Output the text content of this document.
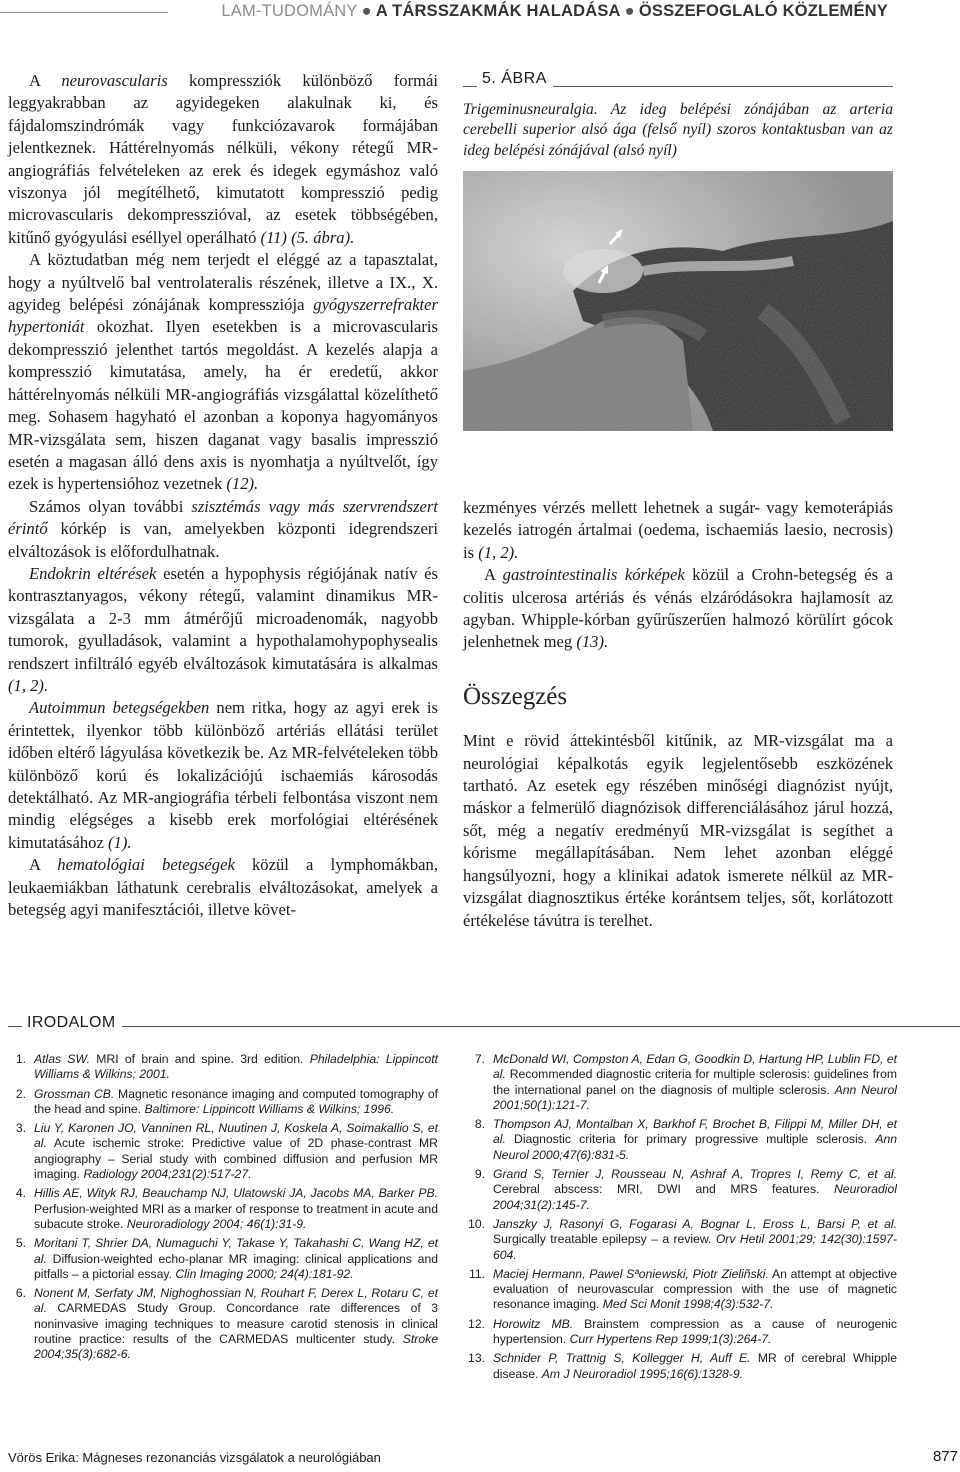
LAM-TUDOMÁNY ● A TÁRSSZAKMÁK HALADÁSA ● ÖSSZEFOGLALÓ KÖZLEMÉNY

A neurovascularis kompressziók különböző formái leggyakrabban az agyidegeken alakulnak ki, és fájdalomszindrómák vagy funkciózavarok formájában jelentkeznek. Háttérelnyomás nélküli, vékony rétegű MR-angiográfiás felvételeken az erek és idegek egymáshoz való viszonya jól megítélhető, kimutatott kompresszió pedig microvascularis dekompresszióval, az esetek többségében, kitűnő gyógyulási eséllyel operálható (11) (5. ábra).

A köztudatban még nem terjedt el eléggé az a tapasztalat, hogy a nyúltvelő bal ventrolateralis részének, illetve a IX., X. agyideg belépési zónájának kompressziója gyógyszerrefrakter hypertoniát okozhat. Ilyen esetekben is a microvascularis dekompresszió jelenthet tartós megoldást. A kezelés alapja a kompresszió kimutatása, amely, ha ér eredetű, akkor háttérelnyomás nélküli MR-angiográfiás vizsgálattal közelíthető meg. Sohasem hagyható el azonban a koponya hagyományos MR-vizsgálata sem, hiszen daganat vagy basalis impresszió esetén a magasan álló dens axis is nyomhatja a nyúltvelőt, így ezek is hypertensióhoz vezetnek (12).

Számos olyan további szisztémás vagy más szervrendszert érintő kórkép is van, amelyekben központi idegrendszeri elváltozások is előfordulhatnak.

Endokrin eltérések esetén a hypophysis régiójának natív és kontrasztanyagos, vékony rétegű, valamint dinamikus MR-vizsgálata a 2-3 mm átmérőjű microadenomák, nagyobb tumorok, gyulladások, valamint a hypothalamohypophysealis rendszert infiltráló egyéb elváltozások kimutatására is alkalmas (1, 2).

Autoimmun betegségekben nem ritka, hogy az agyi erek is érintettek, ilyenkor több különböző artériás ellátási terület időben eltérő lágyulása következik be. Az MR-felvételeken több különböző korú és lokalizációjú ischaemiás károsodás detektálható. Az MR-angiográfia térbeli felbontása viszont nem mindig elégséges a kisebb erek morfológiai eltérésének kimutatásához (1).

A hematológiai betegségek közül a lymphomákban, leukaemiákban láthatunk cerebralis elváltozásokat, amelyek a betegség agyi manifesztációi, illetve követ-

5. ÁBRA
Trigeminusneuralgia. Az ideg belépési zónájában az arteria cerebelli superior alsó ága (felső nyíl) szoros kontaktusban van az ideg belépési zónájával (alsó nyíl)

kezményes vérzés mellett lehetnek a sugár- vagy kemoterápiás kezelés iatrogén ártalmai (oedema, ischaemiás laesio, necrosis) is (1, 2).

A gastrointestinalis kórképek közül a Crohn-betegség és a colitis ulcerosa artériás és vénás elzáródásokra hajlamosít az agyban. Whipple-kórban gyűrűszerűen halmozó körülírt gócok jelenhetnek meg (13).

Összegzés

Mint e rövid áttekintésből kitűnik, az MR-vizsgálat ma a neurológiai képalkotás egyik legjelentősebb eszközének tartható. Az esetek egy részében minőségi diagnózist nyújt, máskor a felmerülő diagnózisok differenciálásához járul hozzá, sőt, még a negatív eredményű MR-vizsgálat is segíthet a kórisme megállapításában. Nem lehet azonban eléggé hangsúlyozni, hogy a klinikai adatok ismerete nélkül az MR-vizsgálat diagnosztikus értéke korántsem teljes, sőt, korlátozott értékelése távútra is terelhet.

IRODALOM
1. Atlas SW. MRI of brain and spine. 3rd edition. Philadelphia: Lippincott Williams & Wilkins; 2001.
2. Grossman CB. Magnetic resonance imaging and computed tomography of the head and spine. Baltimore: Lippincott Williams & Wilkins; 1996.
3. Liu Y, Karonen JO, Vanninen RL, Nuutinen J, Koskela A, Soimakallio S, et al. Acute ischemic stroke: Predictive value of 2D phase-contrast MR angiography – Serial study with combined diffusion and perfusion MR imaging. Radiology 2004;231(2):517-27.
4. Hillis AE, Wityk RJ, Beauchamp NJ, Ulatowski JA, Jacobs MA, Barker PB. Perfusion-weighted MRI as a marker of response to treatment in acute and subacute stroke. Neuroradiology 2004; 46(1):31-9.
5. Moritani T, Shrier DA, Numaguchi Y, Takase Y, Takahashi C, Wang HZ, et al. Diffusion-weighted echo-planar MR imaging: clinical applications and pitfalls – a pictorial essay. Clin Imaging 2000; 24(4):181-92.
6. Nonent M, Serfaty JM, Nighoghossian N, Rouhart F, Derex L, Rotaru C, et al. CARMEDAS Study Group. Concordance rate differences of 3 noninvasive imaging techniques to measure carotid stenosis in clinical routine practice: results of the CARMEDAS multicenter study. Stroke 2004;35(3):682-6.
7. McDonald WI, Compston A, Edan G, Goodkin D, Hartung HP, Lublin FD, et al. Recommended diagnostic criteria for multiple sclerosis: guidelines from the international panel on the diagnosis of multiple sclerosis. Ann Neurol 2001;50(1):121-7.
8. Thompson AJ, Montalban X, Barkhof F, Brochet B, Filippi M, Miller DH, et al. Diagnostic criteria for primary progressive multiple sclerosis. Ann Neurol 2000;47(6):831-5.
9. Grand S, Ternier J, Rousseau N, Ashraf A, Tropres I, Remy C, et al. Cerebral abscess: MRI, DWI and MRS features. Neuroradiol 2004;31(2):145-7.
10. Janszky J, Rasonyi G, Fogarasi A, Bognar L, Eross L, Barsi P, et al. Surgically treatable epilepsy – a review. Orv Hetil 2001;29; 142(30):1597-604.
11. Maciej Hermann, Pawel Sªoniewski, Piotr Zieliñski. An attempt at objective evaluation of neurovascular compression with the use of magnetic resonance imaging. Med Sci Monit 1998;4(3):532-7.
12. Horowitz MB. Brainstem compression as a cause of neurogenic hypertension. Curr Hypertens Rep 1999;1(3):264-7.
13. Schnider P, Trattnig S, Kollegger H, Auff E. MR of cerebral Whipple disease. Am J Neuroradiol 1995;16(6):1328-9.
Vörös Erika: Mágneses rezonanciás vizsgálatok a neurológiában	877
